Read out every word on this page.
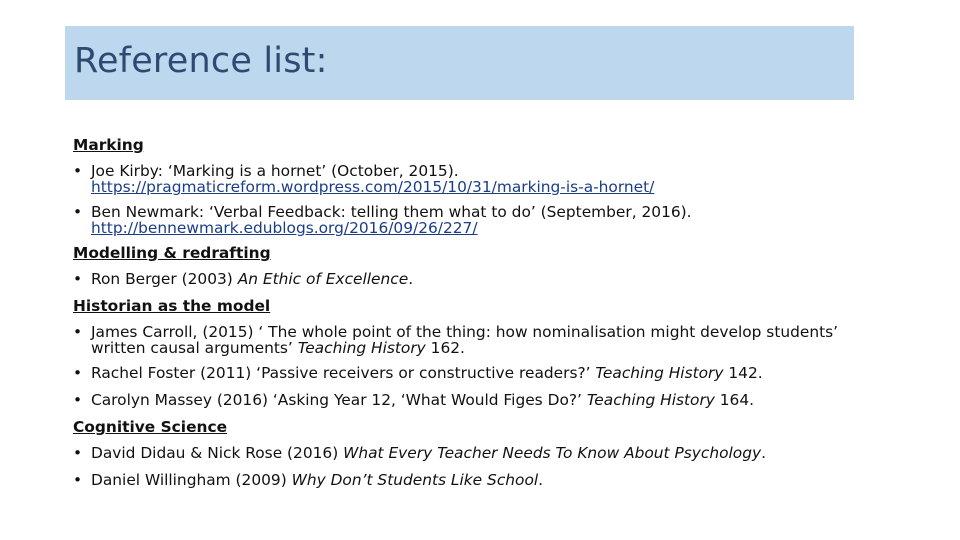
Reference list:
Marking
• Joe Kirby: ‘Marking is a hornet’ (October, 2015).
https://pragmaticreform.wordpress.com/2015/10/31/marking-is-a-hornet/
• Ben Newmark: ‘Verbal Feedback: telling them what to do’ (September, 2016).
http://bennewmark.edublogs.org/2016/09/26/227/
Modelling & redrafting
• Ron Berger (2003) An Ethic of Excellence.
Historian as the model
• James Carroll, (2015) ‘ The whole point of the thing: how nominalisation might develop students’
written causal arguments’ Teaching History 162.
• Rachel Foster (2011) ‘Passive receivers or constructive readers?’ Teaching History 142.
• Carolyn Massey (2016) ‘Asking Year 12, ‘What Would Figes Do?’ Teaching History 164.
Cognitive Science
• David Didau & Nick Rose (2016) What Every Teacher Needs To Know About Psychology.
• Daniel Willingham (2009) Why Don’t Students Like School.
